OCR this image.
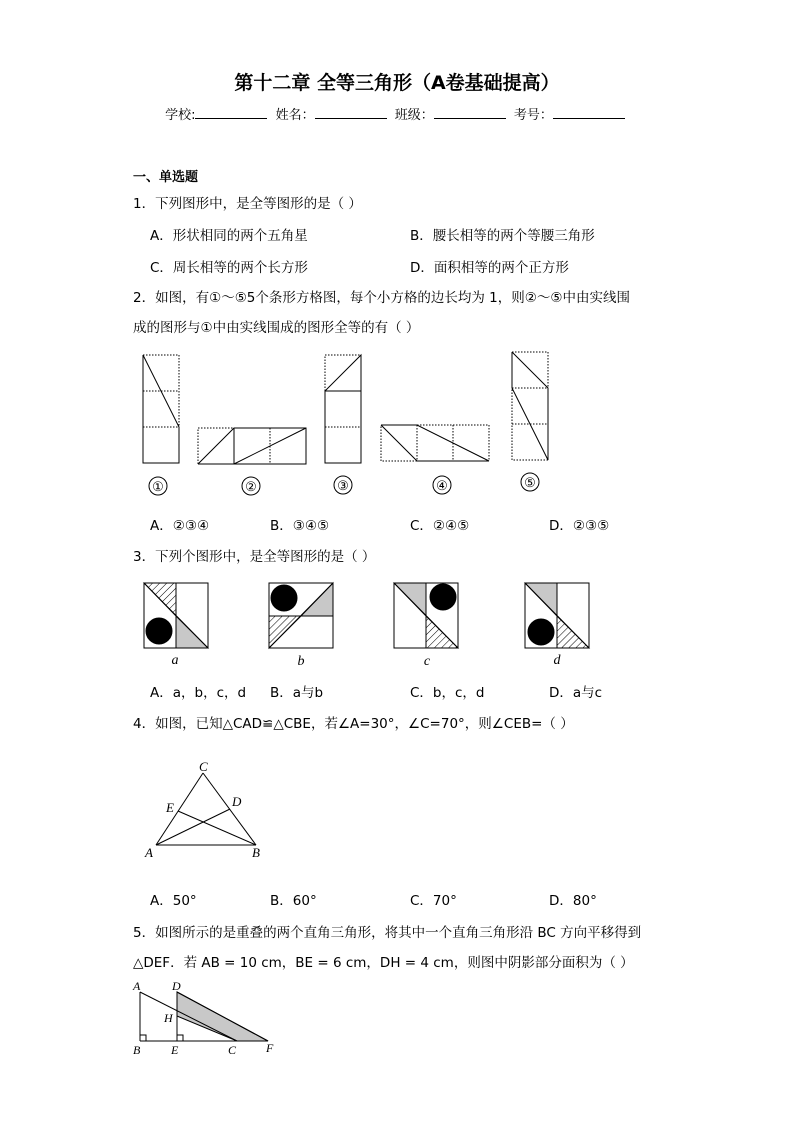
第十二章 全等三角形（A卷基础提高）
学校:	姓名：	班级：	考号：
一、单选题
1．下列图形中，是全等图形的是（ ）
A．形状相同的两个五角星	B．腰长相等的两个等腰三角形
C．周长相等的两个长方形	D．面积相等的两个正方形
2．如图，有①～⑤5个条形方格图，每个小方格的边长均为 1，则②～⑤中由实线围
成的图形与①中由实线围成的图形全等的有（ ）
①	②	③	④	⑤
A．②③④	B．③④⑤	C．②④⑤	D．②③⑤
3．下列个图形中，是全等图形的是（ ）
a	b	c	d
A．a，b，c，d B．a与b	C．b，c，d	D．a与c
4．如图，已知△CAD≌△CBE，若∠A=30°，∠C=70°，则∠CEB=（ ）
C
E	D
A	B
A．50°	B．60°	C．70°	D．80°
5．如图所示的是重叠的两个直角三角形，将其中一个直角三角形沿 BC 方向平移得到
△DEF．若 AB = 10 cm，BE = 6 cm，DH = 4 cm，则图中阴影部分面积为（ ）
A	D
H
B	E	C F
